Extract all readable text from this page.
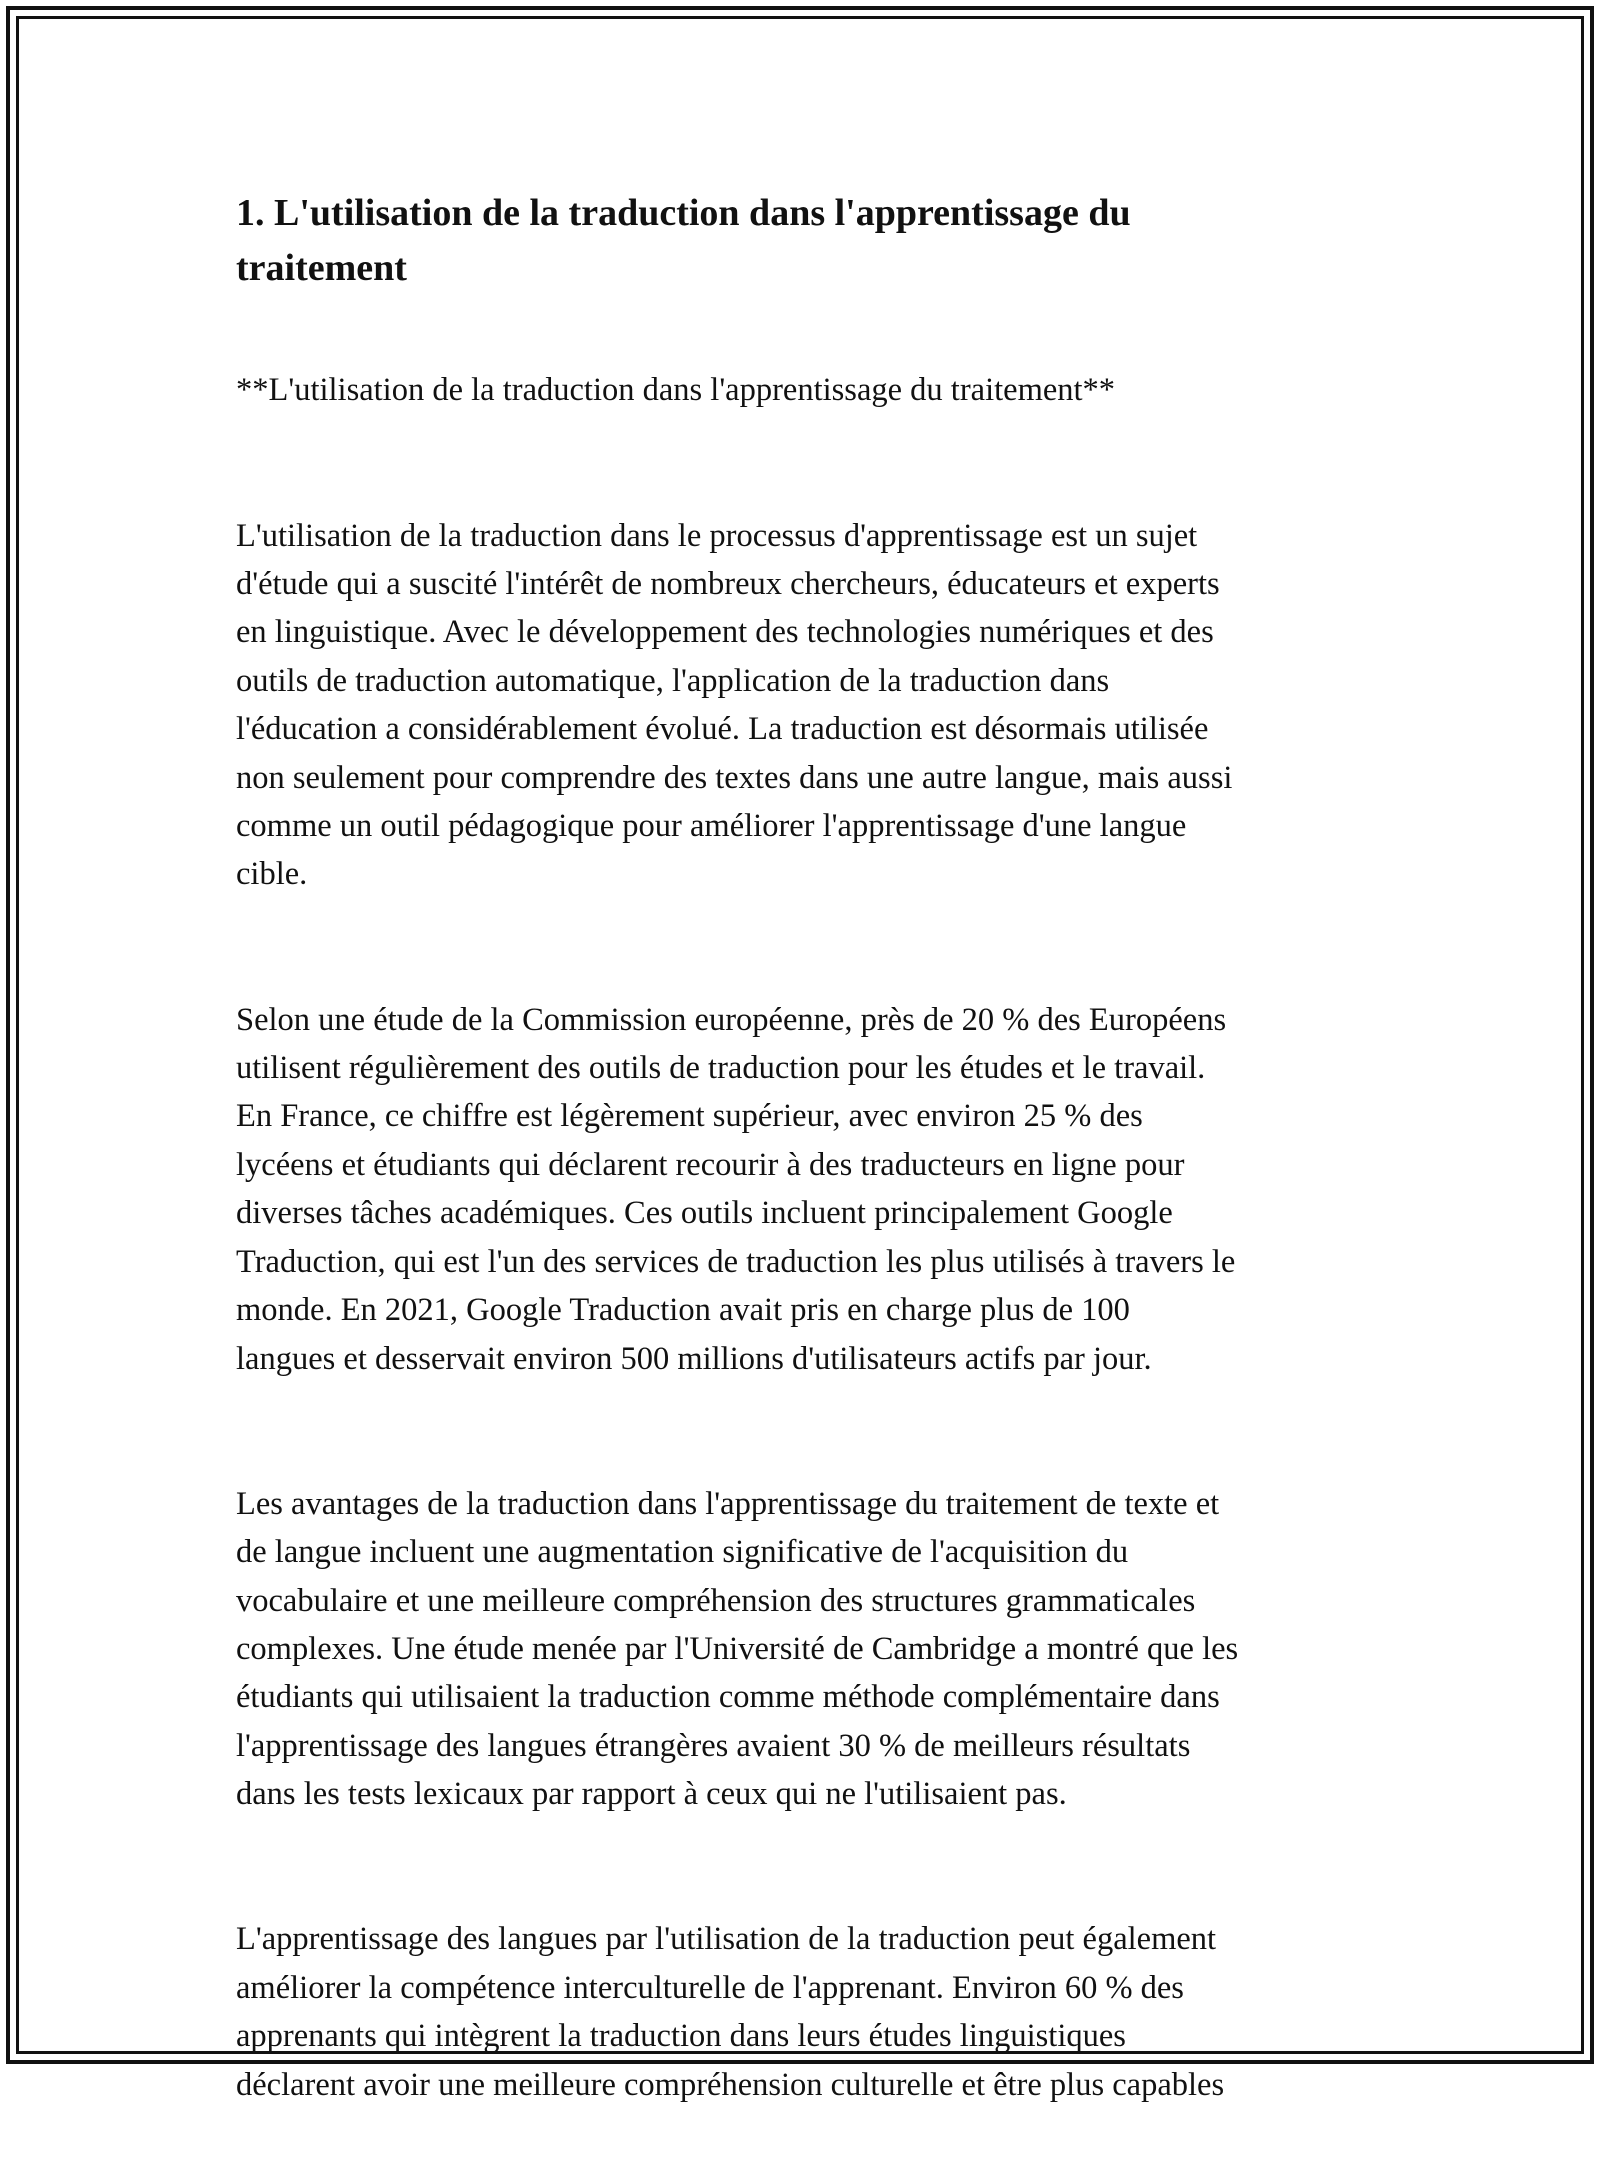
1. L'utilisation de la traduction dans l'apprentissage du
traitement

**L'utilisation de la traduction dans l'apprentissage du traitement**

L'utilisation de la traduction dans le processus d'apprentissage est un sujet
d'étude qui a suscité l'intérêt de nombreux chercheurs, éducateurs et experts
en linguistique. Avec le développement des technologies numériques et des
outils de traduction automatique, l'application de la traduction dans
l'éducation a considérablement évolué. La traduction est désormais utilisée
non seulement pour comprendre des textes dans une autre langue, mais aussi
comme un outil pédagogique pour améliorer l'apprentissage d'une langue
cible.

Selon une étude de la Commission européenne, près de 20 % des Européens
utilisent régulièrement des outils de traduction pour les études et le travail.
En France, ce chiffre est légèrement supérieur, avec environ 25 % des
lycéens et étudiants qui déclarent recourir à des traducteurs en ligne pour
diverses tâches académiques. Ces outils incluent principalement Google
Traduction, qui est l'un des services de traduction les plus utilisés à travers le
monde. En 2021, Google Traduction avait pris en charge plus de 100
langues et desservait environ 500 millions d'utilisateurs actifs par jour.

Les avantages de la traduction dans l'apprentissage du traitement de texte et
de langue incluent une augmentation significative de l'acquisition du
vocabulaire et une meilleure compréhension des structures grammaticales
complexes. Une étude menée par l'Université de Cambridge a montré que les
étudiants qui utilisaient la traduction comme méthode complémentaire dans
l'apprentissage des langues étrangères avaient 30 % de meilleurs résultats
dans les tests lexicaux par rapport à ceux qui ne l'utilisaient pas.

L'apprentissage des langues par l'utilisation de la traduction peut également
améliorer la compétence interculturelle de l'apprenant. Environ 60 % des
apprenants qui intègrent la traduction dans leurs études linguistiques
déclarent avoir une meilleure compréhension culturelle et être plus capables
